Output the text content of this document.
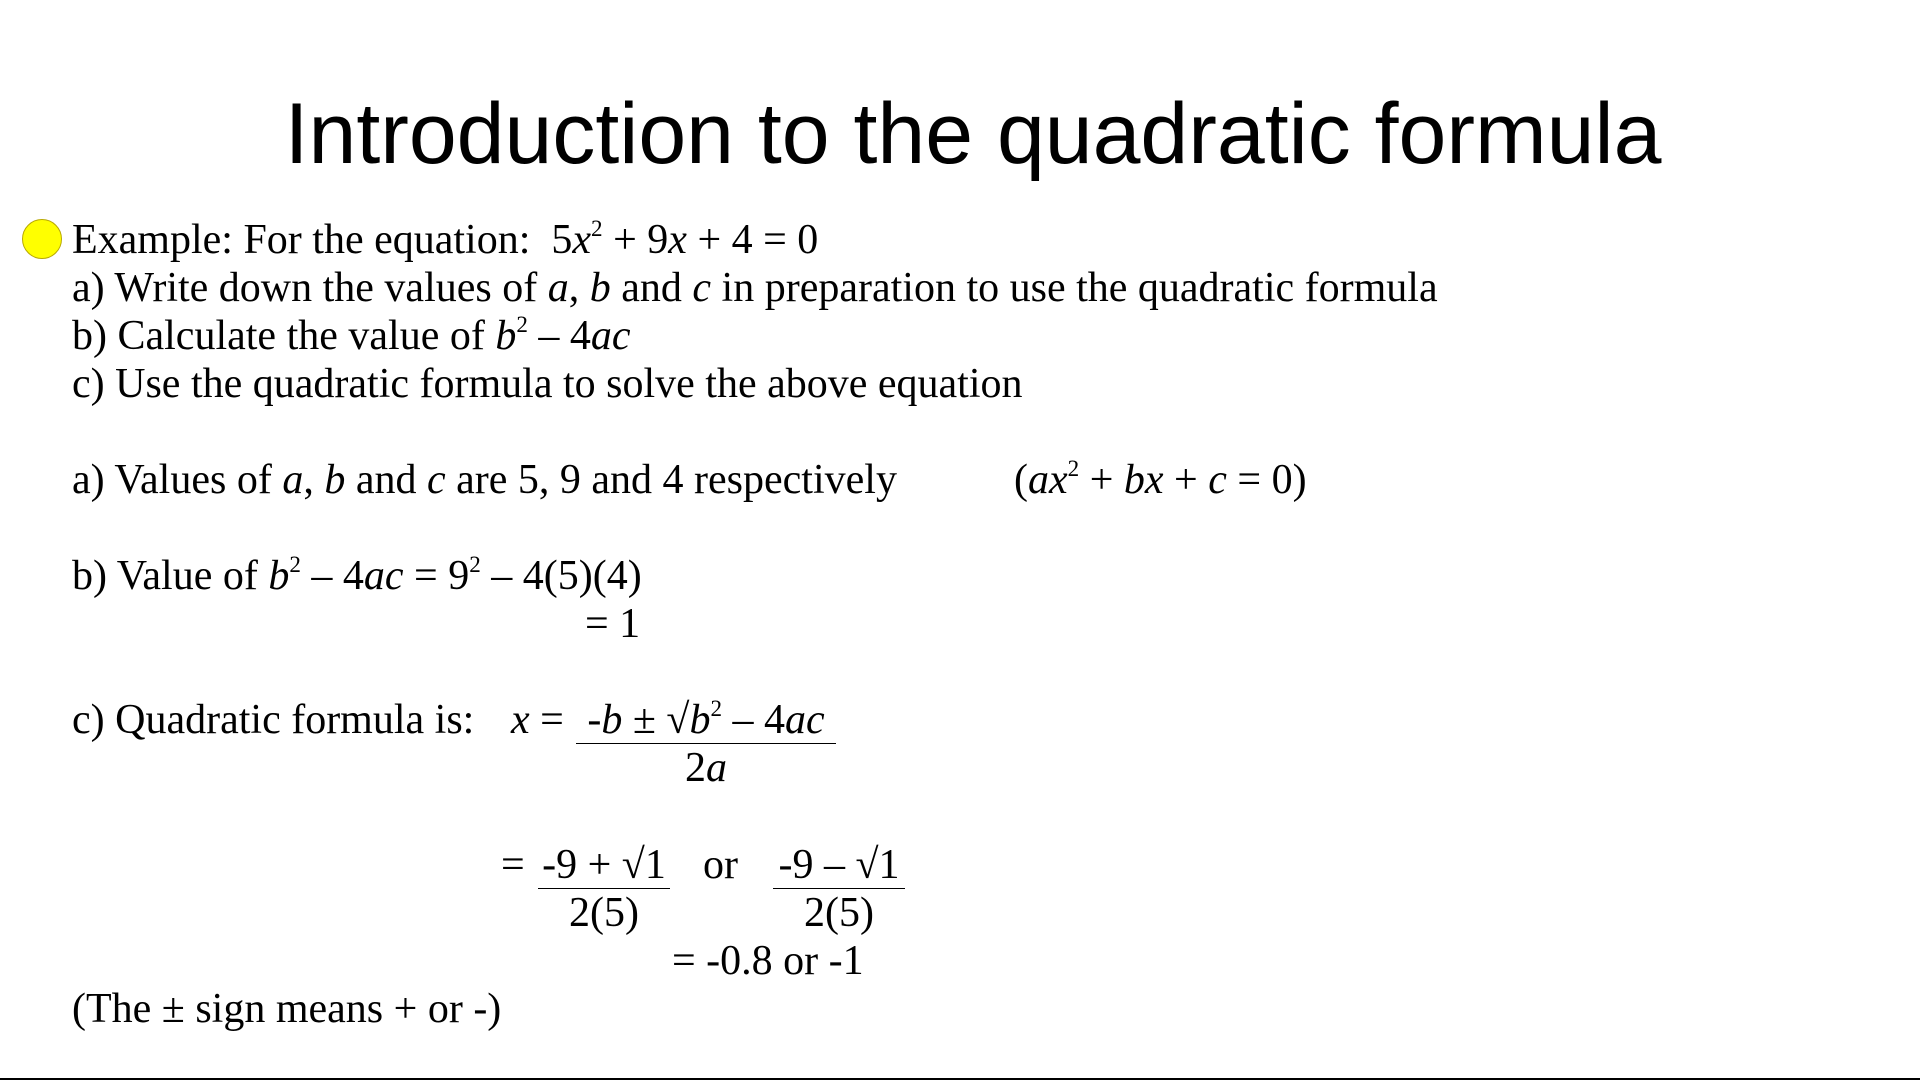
Introduction to the quadratic formula
Example: For the equation: $5x^2 + 9x + 4 = 0$
a) Write down the values of a, b and c in preparation to use the quadratic formula
b) Calculate the value of $b^2 - 4ac$
c) Use the quadratic formula to solve the above equation
a) Values of a, b and c are 5, 9 and 4 respectively	($ax^2$ + bx + c = 0)
b) Value of $b^2 - 4ac = 9^2 - 4(5)(4)$
= 1
c) Quadratic formula is: $x = \frac{-b \pm √b^2 - 4ac}{2a}$
= $\frac{-9 + √1}{2(5)}$ or $\frac{-9 - √1}{2(5)}$
= -0.8 or -1
(The ± sign means + or -)
